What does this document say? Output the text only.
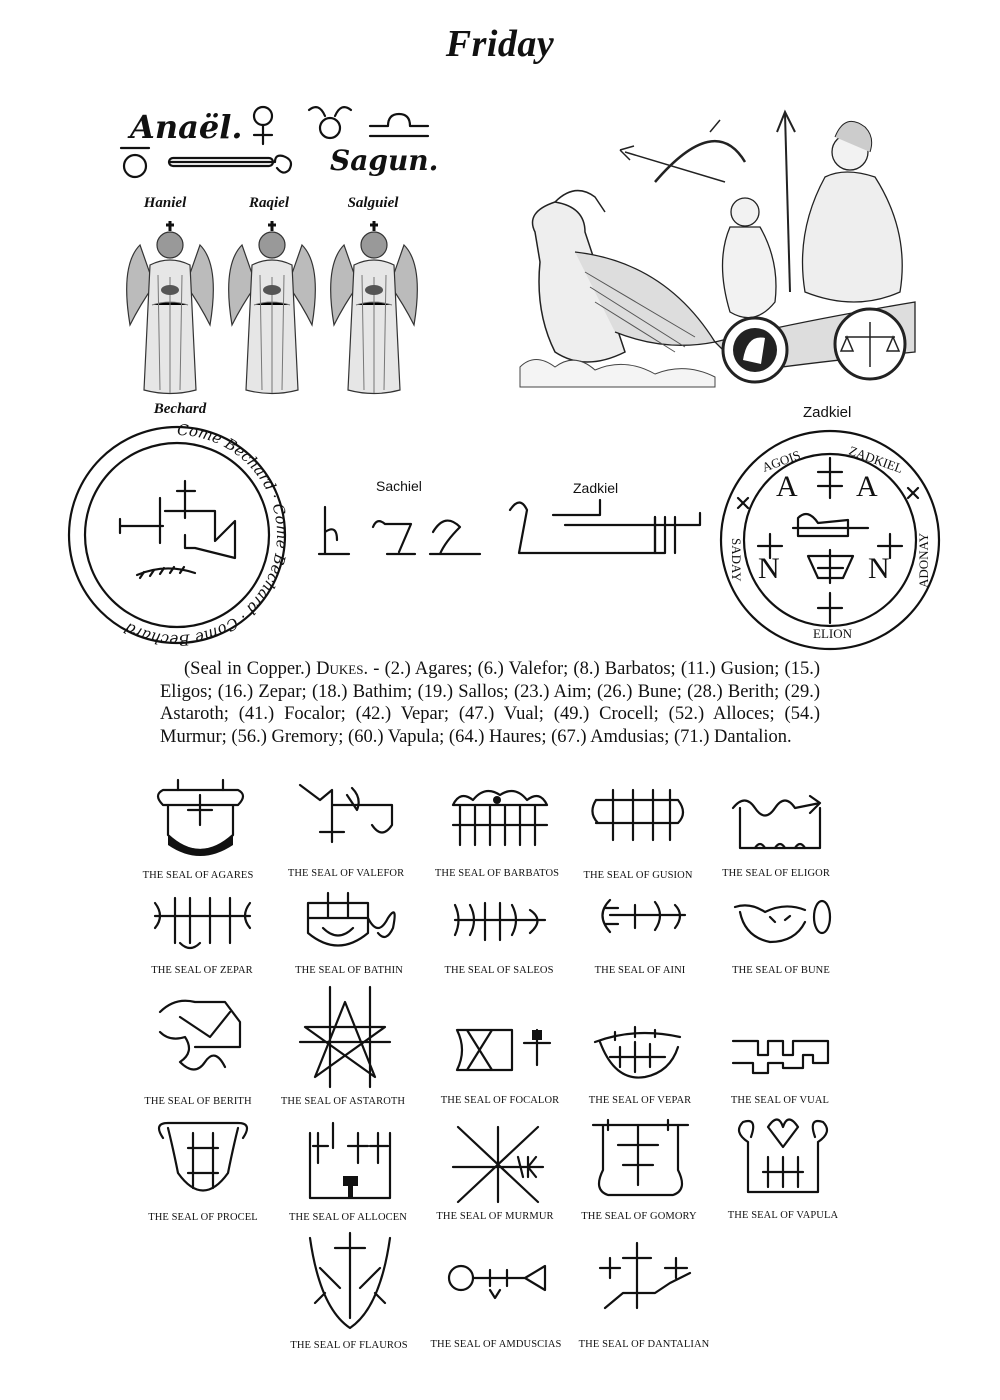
Friday
Anaël.
Sagun.
Haniel	Raqiel	Salguiel
Bechard
Come Bechard · Come Bechard · Come Bechard
Sachiel	Zadkiel
Zadkiel
ZADKIEL
AGOIS
SADAY	ADONAY
ELION
A A
N	N
(Seal in Copper.) Dukes. - (2.) Agares; (6.) Valefor; (8.) Barbatos; (11.) Gusion; (15.) Eligos; (16.) Zepar; (18.) Bathim; (19.) Sallos; (23.) Aim; (26.) Bune; (28.) Berith; (29.) Astaroth; (41.) Focalor; (42.) Vepar; (47.) Vual; (49.) Crocell; (52.) Alloces; (54.) Murmur; (56.) Gremory; (60.) Vapula; (64.) Haures; (67.) Amdusias; (71.) Dantalion.
THE SEAL OF AGARES	THE SEAL OF VALEFOR	THE SEAL OF BARBATOS	THE SEAL OF GUSION	THE SEAL OF ELIGOR
THE SEAL OF ZEPAR	THE SEAL OF BATHIN	THE SEAL OF SALEOS	THE SEAL OF AINI	THE SEAL OF BUNE
THE SEAL OF BERITH	THE SEAL OF ASTAROTH	THE SEAL OF FOCALOR	THE SEAL OF VEPAR	THE SEAL OF VUAL
THE SEAL OF PROCEL	THE SEAL OF ALLOCEN	THE SEAL OF MURMUR	THE SEAL OF GOMORY	THE SEAL OF VAPULA
THE SEAL OF FLAUROS	THE SEAL OF AMDUSCIAS	THE SEAL OF DANTALIAN
